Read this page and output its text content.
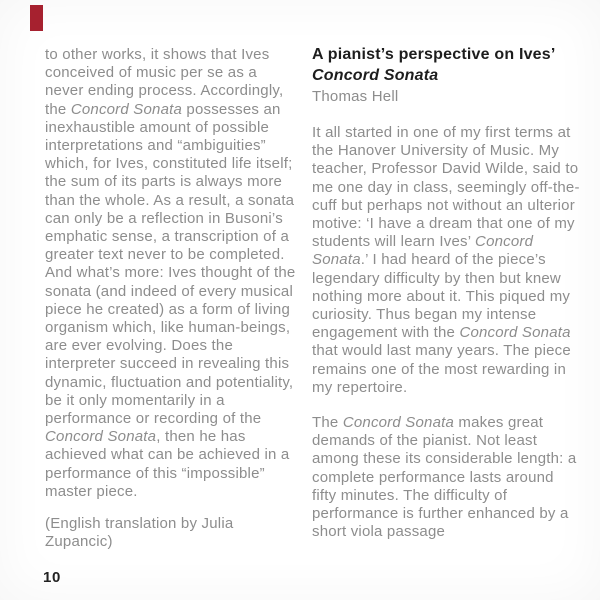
to other works, it shows that Ives conceived of music per se as a never ending process. Accordingly, the Concord Sonata possesses an inexhaustible amount of possible interpretations and “ambiguities” which, for Ives, constituted life itself; the sum of its parts is always more than the whole. As a result, a sonata can only be a reflection in Busoni’s emphatic sense, a transcription of a greater text never to be completed. And what’s more: Ives thought of the sonata (and indeed of every musical piece he created) as a form of living organism which, like human-beings, are ever evolving. Does the interpreter succeed in revealing this dynamic, fluctuation and potentiality, be it only momentarily in a performance or recording of the Concord Sonata, then he has achieved what can be achieved in a performance of this “impossible” master piece.

(English translation by Julia Zupancic)

A pianist’s perspective on Ives’
Concord Sonata
Thomas Hell

It all started in one of my first terms at the Hanover University of Music. My teacher, Professor David Wilde, said to me one day in class, seemingly off-the-cuff but perhaps not without an ulterior motive: ‘I have a dream that one of my students will learn Ives’ Concord Sonata.’ I had heard of the piece’s legendary difficulty by then but knew nothing more about it. This piqued my curiosity. Thus began my intense engagement with the Concord Sonata that would last many years. The piece remains one of the most rewarding in my repertoire.

The Concord Sonata makes great demands of the pianist. Not least among these its considerable length: a complete performance lasts around fifty minutes. The difficulty of performance is further enhanced by a short viola passage

10
